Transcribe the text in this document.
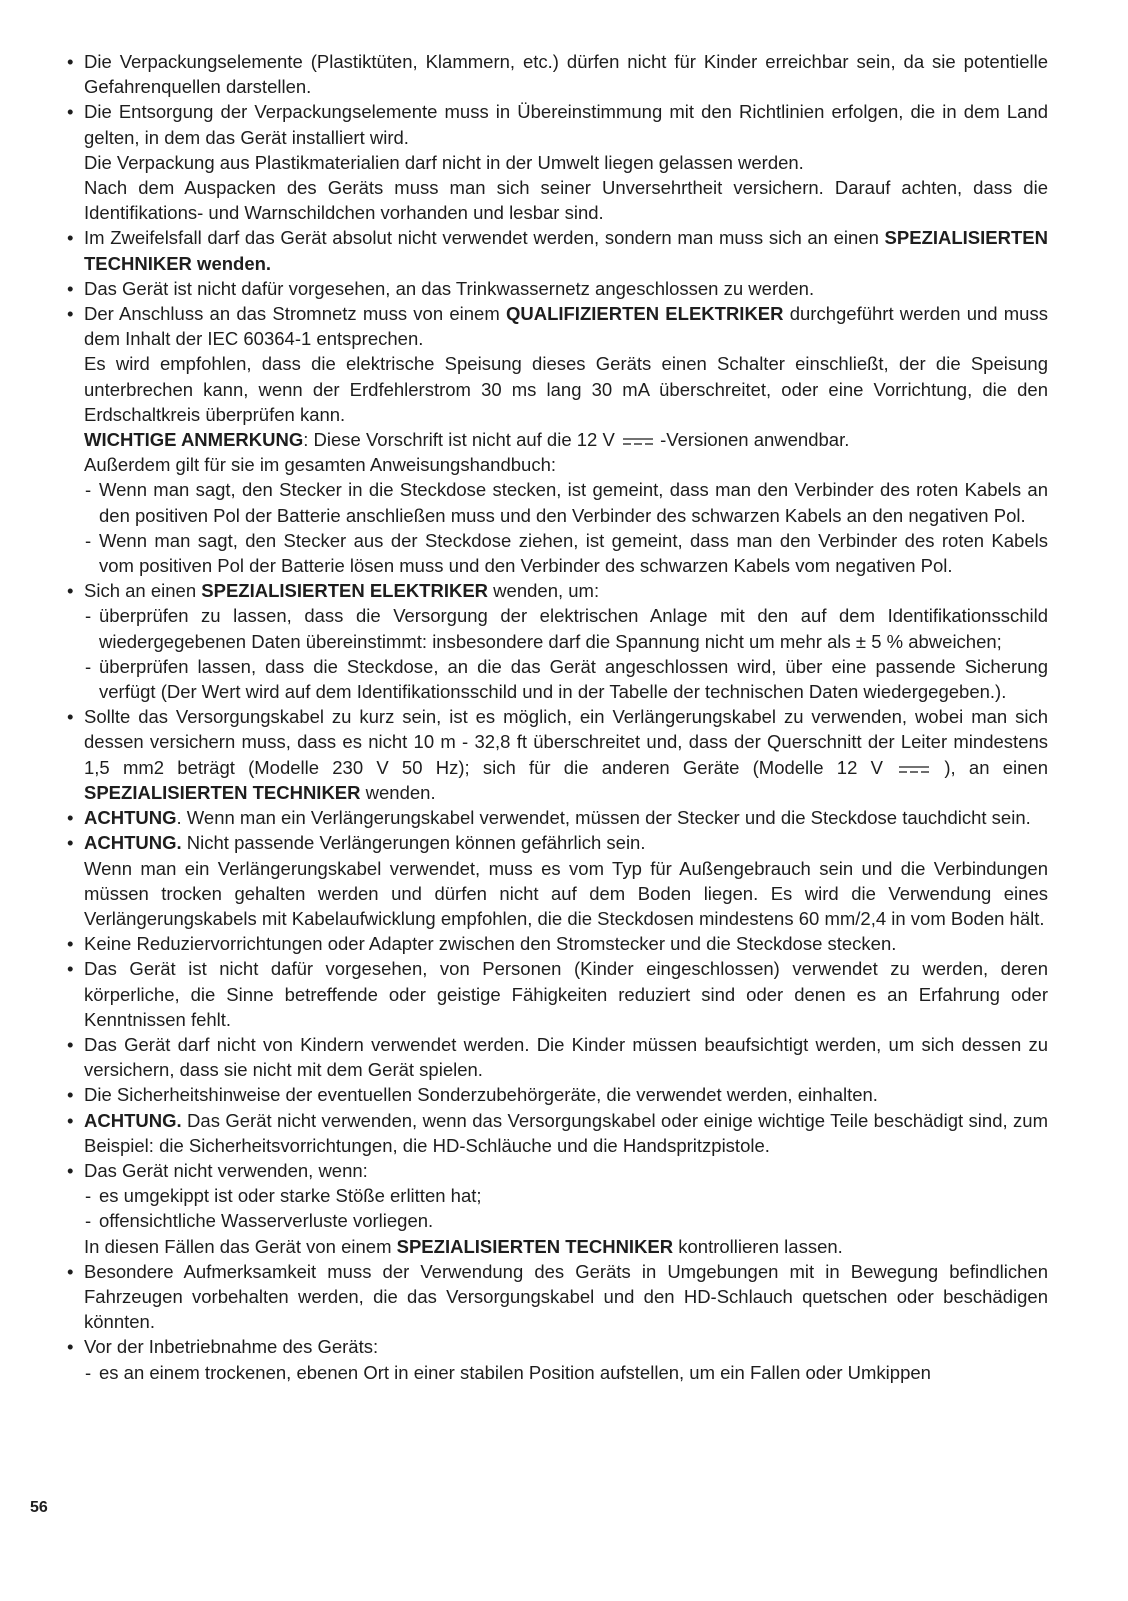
• Die Verpackungselemente (Plastiktüten, Klammern, etc.) dürfen nicht für Kinder erreichbar sein, da sie potentielle Gefahrenquellen darstellen.
• Die Entsorgung der Verpackungselemente muss in Übereinstimmung mit den Richtlinien erfolgen, die in dem Land gelten, in dem das Gerät installiert wird.
Die Verpackung aus Plastikmaterialien darf nicht in der Umwelt liegen gelassen werden.
Nach dem Auspacken des Geräts muss man sich seiner Unversehrtheit versichern. Darauf achten, dass die Identifikations- und Warnschildchen vorhanden und lesbar sind.
• Im Zweifelsfall darf das Gerät absolut nicht verwendet werden, sondern man muss sich an einen SPEZIALISIERTEN TECHNIKER wenden.
• Das Gerät ist nicht dafür vorgesehen, an das Trinkwassernetz angeschlossen zu werden.
• Der Anschluss an das Stromnetz muss von einem QUALIFIZIERTEN ELEKTRIKER durchgeführt werden und muss dem Inhalt der IEC 60364-1 entsprechen.
Es wird empfohlen, dass die elektrische Speisung dieses Geräts einen Schalter einschließt, der die Speisung unterbrechen kann, wenn der Erdfehlerstrom 30 ms lang 30 mA überschreitet, oder eine Vorrichtung, die den Erdschaltkreis überprüfen kann.
WICHTIGE ANMERKUNG: Diese Vorschrift ist nicht auf die 12 V  -Versionen anwendbar.
Außerdem gilt für sie im gesamten Anweisungshandbuch:
- Wenn man sagt, den Stecker in die Steckdose stecken, ist gemeint, dass man den Verbinder des roten Kabels an den positiven Pol der Batterie anschließen muss und den Verbinder des schwarzen Kabels an den negativen Pol.
- Wenn man sagt, den Stecker aus der Steckdose ziehen, ist gemeint, dass man den Verbinder des roten Kabels vom positiven Pol der Batterie lösen muss und den Verbinder des schwarzen Kabels vom negativen Pol.
• Sich an einen SPEZIALISIERTEN ELEKTRIKER wenden, um:
- überprüfen zu lassen, dass die Versorgung der elektrischen Anlage mit den auf dem Identifikationsschild wiedergegebenen Daten übereinstimmt: insbesondere darf die Spannung nicht um mehr als ± 5 % abweichen;
- überprüfen lassen, dass die Steckdose, an die das Gerät angeschlossen wird, über eine passende Sicherung verfügt (Der Wert wird auf dem Identifikationsschild und in der Tabelle der technischen Daten wiedergegeben.).
• Sollte das Versorgungskabel zu kurz sein, ist es möglich, ein Verlängerungskabel zu verwenden, wobei man sich dessen versichern muss, dass es nicht 10 m - 32,8 ft überschreitet und, dass der Querschnitt der Leiter mindestens 1,5 mm2 beträgt (Modelle 230 V 50 Hz); sich für die anderen Geräte (Modelle 12 V  ), an einen SPEZIALISIERTEN TECHNIKER wenden.
• ACHTUNG. Wenn man ein Verlängerungskabel verwendet, müssen der Stecker und die Steckdose tauchdicht sein.
• ACHTUNG. Nicht passende Verlängerungen können gefährlich sein.
Wenn man ein Verlängerungskabel verwendet, muss es vom Typ für Außengebrauch sein und die Verbindungen müssen trocken gehalten werden und dürfen nicht auf dem Boden liegen. Es wird die Verwendung eines Verlängerungskabels mit Kabelaufwicklung empfohlen, die die Steckdosen mindestens 60 mm/2,4 in vom Boden hält.
• Keine Reduziervorrichtungen oder Adapter zwischen den Stromstecker und die Steckdose stecken.
• Das Gerät ist nicht dafür vorgesehen, von Personen (Kinder eingeschlossen) verwendet zu werden, deren körperliche, die Sinne betreffende oder geistige Fähigkeiten reduziert sind oder denen es an Erfahrung oder Kenntnissen fehlt.
• Das Gerät darf nicht von Kindern verwendet werden. Die Kinder müssen beaufsichtigt werden, um sich dessen zu versichern, dass sie nicht mit dem Gerät spielen.
• Die Sicherheitshinweise der eventuellen Sonderzubehörgeräte, die verwendet werden, einhalten.
• ACHTUNG. Das Gerät nicht verwenden, wenn das Versorgungskabel oder einige wichtige Teile beschädigt sind, zum Beispiel: die Sicherheitsvorrichtungen, die HD-Schläuche und die Handspritzpistole.
• Das Gerät nicht verwenden, wenn:
- es umgekippt ist oder starke Stöße erlitten hat;
- offensichtliche Wasserverluste vorliegen.
In diesen Fällen das Gerät von einem SPEZIALISIERTEN TECHNIKER kontrollieren lassen.
• Besondere Aufmerksamkeit muss der Verwendung des Geräts in Umgebungen mit in Bewegung befindlichen Fahrzeugen vorbehalten werden, die das Versorgungskabel und den HD-Schlauch quetschen oder beschädigen könnten.
• Vor der Inbetriebnahme des Geräts:
- es an einem trockenen, ebenen Ort in einer stabilen Position aufstellen, um ein Fallen oder Umkippen
56
